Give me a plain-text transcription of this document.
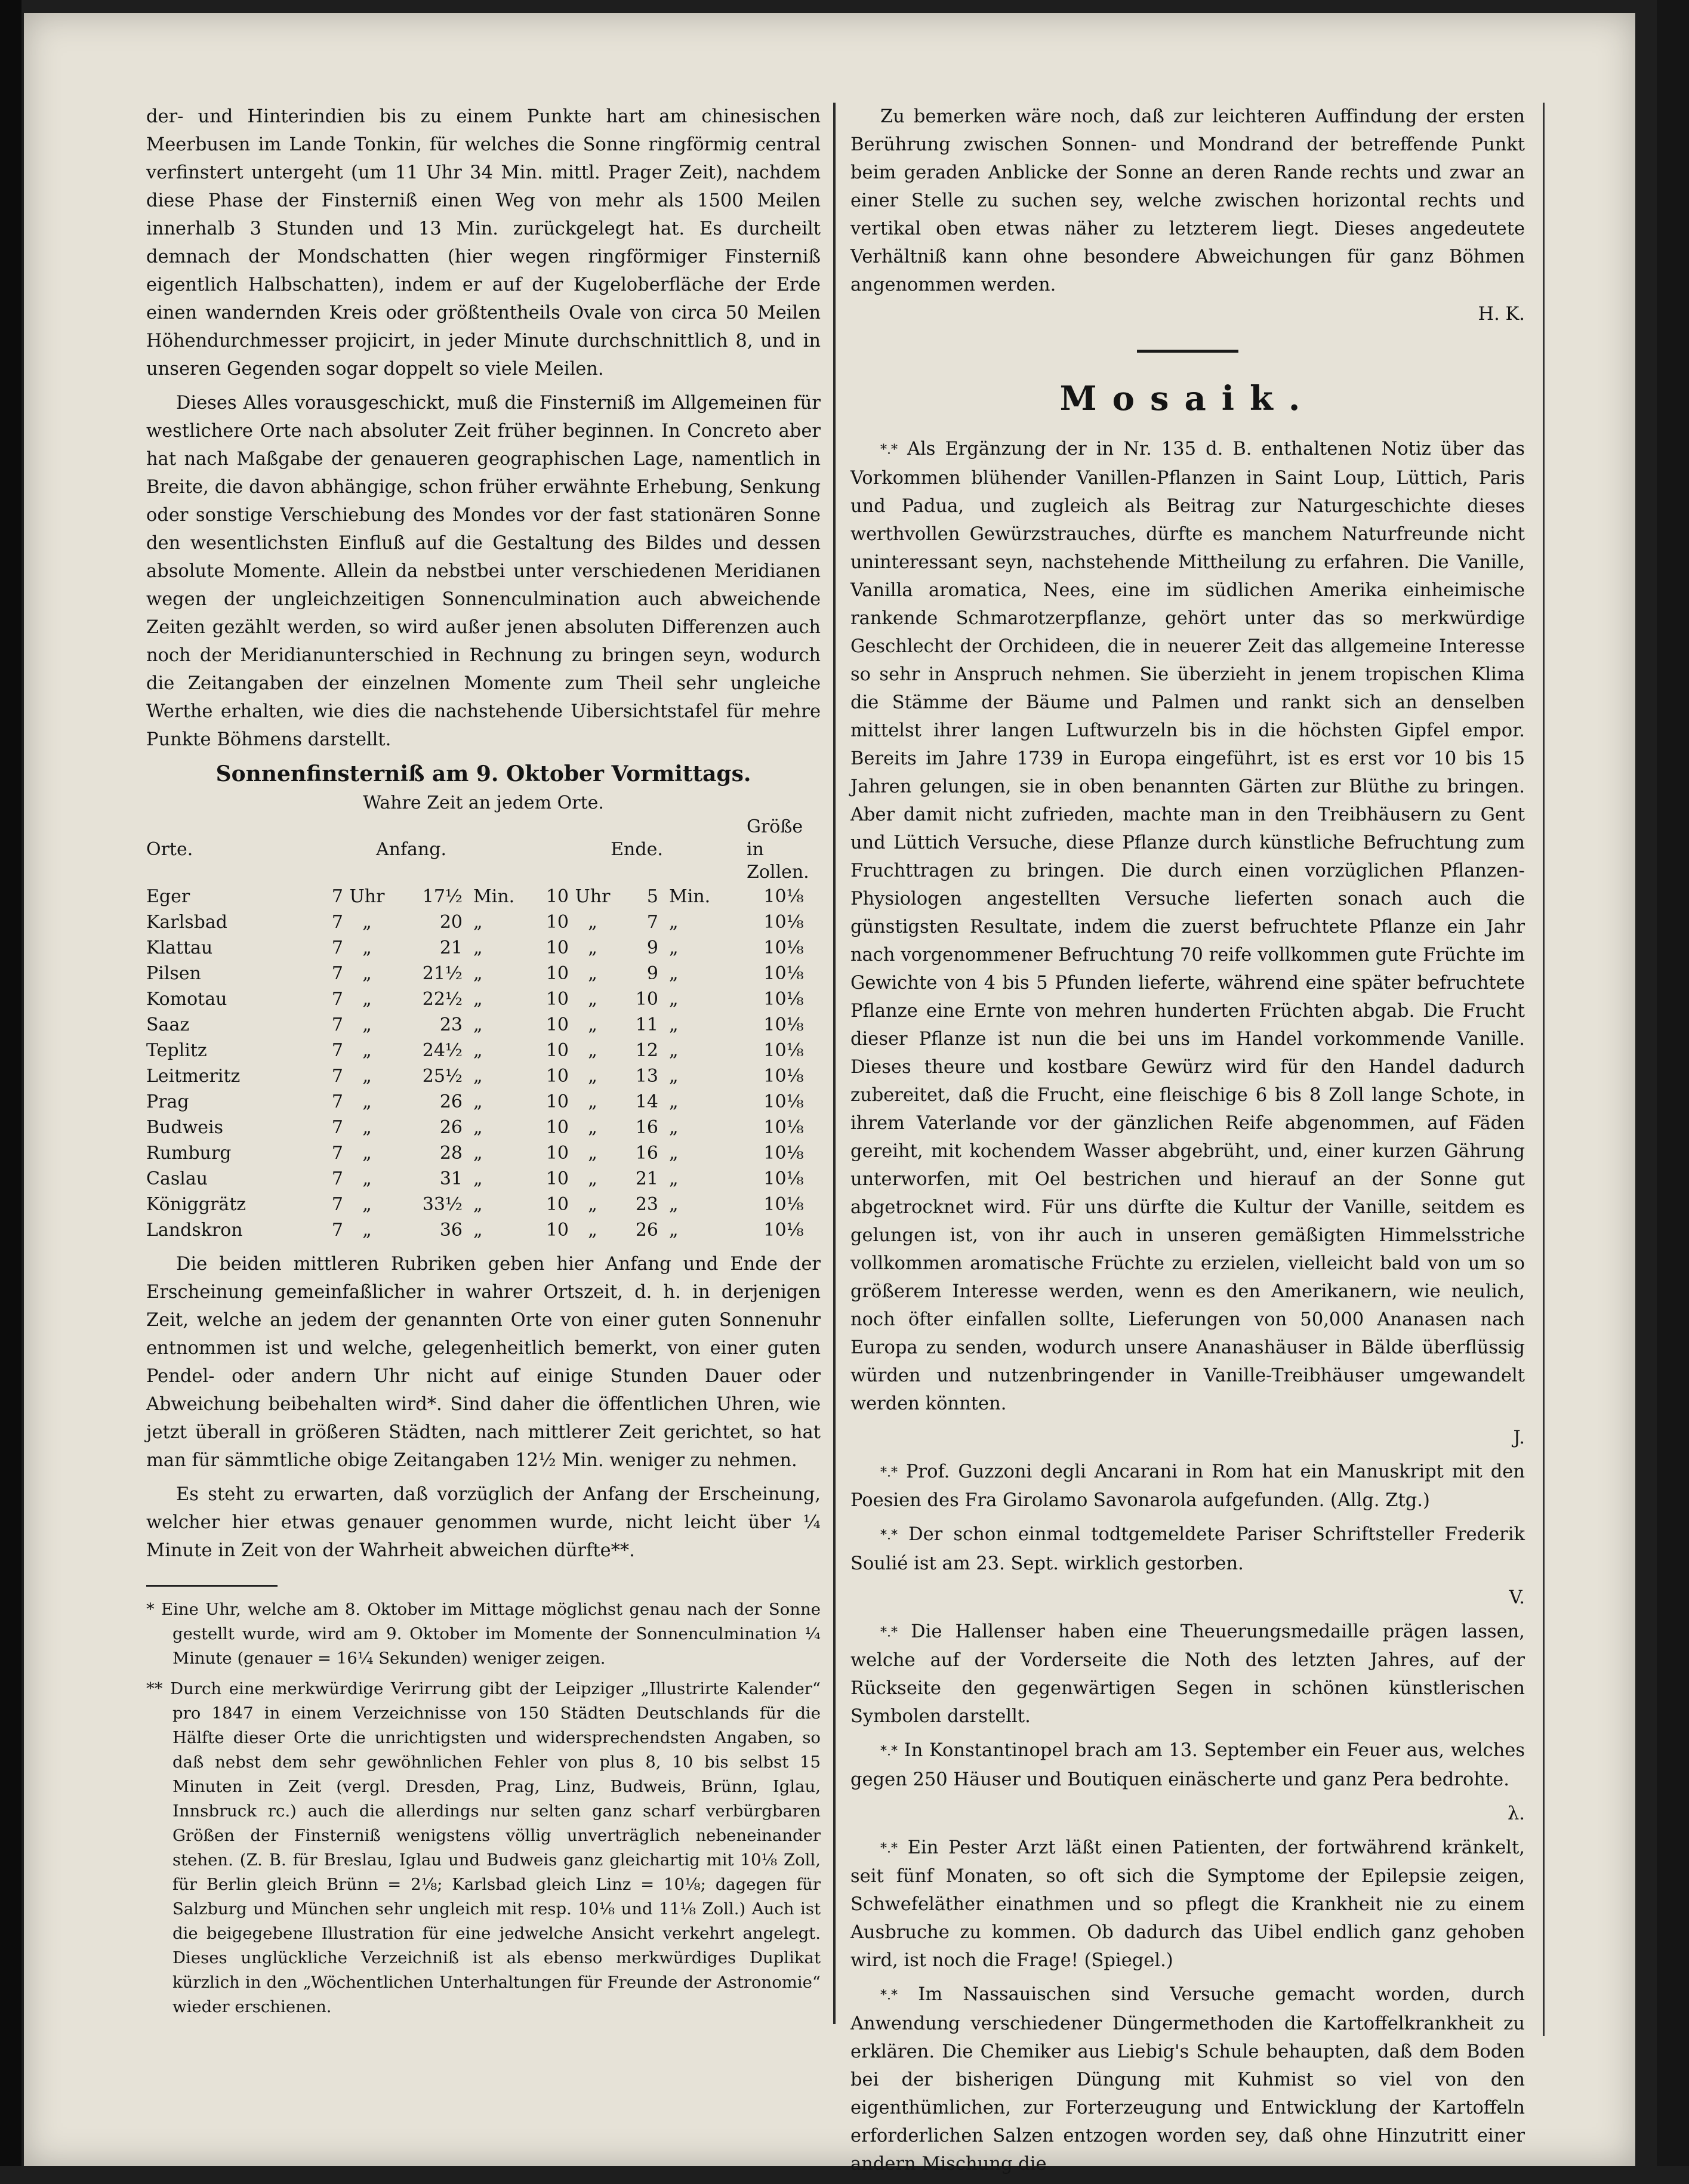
der- und Hinterindien bis zu einem Punkte hart am chinesischen Meerbusen im Lande Tonkin, für welches die Sonne ringförmig central verfinstert untergeht (um 11 Uhr 34 Min. mittl. Prager Zeit), nachdem diese Phase der Finsterniß einen Weg von mehr als 1500 Meilen innerhalb 3 Stunden und 13 Min. zurückgelegt hat. Es durcheilt demnach der Mondschatten (hier wegen ringförmiger Finsterniß eigentlich Halbschatten), indem er auf der Kugeloberfläche der Erde einen wandernden Kreis oder größtentheils Ovale von circa 50 Meilen Höhendurchmesser projicirt, in jeder Minute durchschnittlich 8, und in unseren Gegenden sogar doppelt so viele Meilen.

Dieses Alles vorausgeschickt, muß die Finsterniß im Allgemeinen für westlichere Orte nach absoluter Zeit früher beginnen. In Concreto aber hat nach Maßgabe der genaueren geographischen Lage, namentlich in Breite, die davon abhängige, schon früher erwähnte Erhebung, Senkung oder sonstige Verschiebung des Mondes vor der fast stationären Sonne den wesentlichsten Einfluß auf die Gestaltung des Bildes und dessen absolute Momente. Allein da nebstbei unter verschiedenen Meridianen wegen der ungleichzeitigen Sonnenculmination auch abweichende Zeiten gezählt werden, so wird außer jenen absoluten Differenzen auch noch der Meridianunterschied in Rechnung zu bringen seyn, wodurch die Zeitangaben der einzelnen Momente zum Theil sehr ungleiche Werthe erhalten, wie dies die nachstehende Uibersichtstafel für mehre Punkte Böhmens darstellt.

Sonnenfinsterniß am 9. Oktober Vormittags.
Wahre Zeit an jedem Orte.
Orte.	Anfang.				Ende.				Größe in Zollen.
Eger	7	Uhr	17½	Min.	10	Uhr	5	Min.	10⅛
Karlsbad	7	„	20	„	10	„	7	„	10⅛
Klattau	7	„	21	„	10	„	9	„	10⅛
Pilsen	7	„	21½	„	10	„	9	„	10⅛
Komotau	7	„	22½	„	10	„	10	„	10⅛
Saaz	7	„	23	„	10	„	11	„	10⅛
Teplitz	7	„	24½	„	10	„	12	„	10⅛
Leitmeritz	7	„	25½	„	10	„	13	„	10⅛
Prag	7	„	26	„	10	„	14	„	10⅛
Budweis	7	„	26	„	10	„	16	„	10⅛
Rumburg	7	„	28	„	10	„	16	„	10⅛
Caslau	7	„	31	„	10	„	21	„	10⅛
Königgrätz	7	„	33½	„	10	„	23	„	10⅛
Landskron	7	„	36	„	10	„	26	„	10⅛

Die beiden mittleren Rubriken geben hier Anfang und Ende der Erscheinung gemeinfaßlicher in wahrer Ortszeit, d. h. in derjenigen Zeit, welche an jedem der genannten Orte von einer guten Sonnenuhr entnommen ist und welche, gelegenheitlich bemerkt, von einer guten Pendel- oder andern Uhr nicht auf einige Stunden Dauer oder Abweichung beibehalten wird*. Sind daher die öffentlichen Uhren, wie jetzt überall in größeren Städten, nach mittlerer Zeit gerichtet, so hat man für sämmtliche obige Zeitangaben 12½ Min. weniger zu nehmen.

Es steht zu erwarten, daß vorzüglich der Anfang der Erscheinung, welcher hier etwas genauer genommen wurde, nicht leicht über ¼ Minute in Zeit von der Wahrheit abweichen dürfte**.

* Eine Uhr, welche am 8. Oktober im Mittage möglichst genau nach der Sonne gestellt wurde, wird am 9. Oktober im Momente der Sonnenculmination ¼ Minute (genauer = 16¼ Sekunden) weniger zeigen.

** Durch eine merkwürdige Verirrung gibt der Leipziger „Illustrirte Kalender“ pro 1847 in einem Verzeichnisse von 150 Städten Deutschlands für die Hälfte dieser Orte die unrichtigsten und widersprechendsten Angaben, so daß nebst dem sehr gewöhnlichen Fehler von plus 8, 10 bis selbst 15 Minuten in Zeit (vergl. Dresden, Prag, Linz, Budweis, Brünn, Iglau, Innsbruck rc.) auch die allerdings nur selten ganz scharf verbürgbaren Größen der Finsterniß wenigstens völlig unverträglich nebeneinander stehen. (Z. B. für Breslau, Iglau und Budweis ganz gleichartig mit 10⅛ Zoll, für Berlin gleich Brünn = 2⅛; Karlsbad gleich Linz = 10⅛; dagegen für Salzburg und München sehr ungleich mit resp. 10⅛ und 11⅛ Zoll.) Auch ist die beigegebene Illustration für eine jedwelche Ansicht verkehrt angelegt. Dieses unglückliche Verzeichniß ist als ebenso merkwürdiges Duplikat kürzlich in den „Wöchentlichen Unterhaltungen für Freunde der Astronomie“ wieder erschienen.

Zu bemerken wäre noch, daß zur leichteren Auffindung der ersten Berührung zwischen Sonnen- und Mondrand der betreffende Punkt beim geraden Anblicke der Sonne an deren Rande rechts und zwar an einer Stelle zu suchen sey, welche zwischen horizontal rechts und vertikal oben etwas näher zu letzterem liegt. Dieses angedeutete Verhältniß kann ohne besondere Abweichungen für ganz Böhmen angenommen werden.

H. K.

Mosaik.

*.* Als Ergänzung der in Nr. 135 d. B. enthaltenen Notiz über das Vorkommen blühender Vanillen-Pflanzen in Saint Loup, Lüttich, Paris und Padua, und zugleich als Beitrag zur Naturgeschichte dieses werthvollen Gewürzstrauches, dürfte es manchem Naturfreunde nicht uninteressant seyn, nachstehende Mittheilung zu erfahren. Die Vanille, Vanilla aromatica, Nees, eine im südlichen Amerika einheimische rankende Schmarotzerpflanze, gehört unter das so merkwürdige Geschlecht der Orchideen, die in neuerer Zeit das allgemeine Interesse so sehr in Anspruch nehmen. Sie überzieht in jenem tropischen Klima die Stämme der Bäume und Palmen und rankt sich an denselben mittelst ihrer langen Luftwurzeln bis in die höchsten Gipfel empor. Bereits im Jahre 1739 in Europa eingeführt, ist es erst vor 10 bis 15 Jahren gelungen, sie in oben benannten Gärten zur Blüthe zu bringen. Aber damit nicht zufrieden, machte man in den Treibhäusern zu Gent und Lüttich Versuche, diese Pflanze durch künstliche Befruchtung zum Fruchttragen zu bringen. Die durch einen vorzüglichen Pflanzen-Physiologen angestellten Versuche lieferten sonach auch die günstigsten Resultate, indem die zuerst befruchtete Pflanze ein Jahr nach vorgenommener Befruchtung 70 reife vollkommen gute Früchte im Gewichte von 4 bis 5 Pfunden lieferte, während eine später befruchtete Pflanze eine Ernte von mehren hunderten Früchten abgab. Die Frucht dieser Pflanze ist nun die bei uns im Handel vorkommende Vanille. Dieses theure und kostbare Gewürz wird für den Handel dadurch zubereitet, daß die Frucht, eine fleischige 6 bis 8 Zoll lange Schote, in ihrem Vaterlande vor der gänzlichen Reife abgenommen, auf Fäden gereiht, mit kochendem Wasser abgebrüht, und, einer kurzen Gährung unterworfen, mit Oel bestrichen und hierauf an der Sonne gut abgetrocknet wird. Für uns dürfte die Kultur der Vanille, seitdem es gelungen ist, von ihr auch in unseren gemäßigten Himmelsstriche vollkommen aromatische Früchte zu erzielen, vielleicht bald von um so größerem Interesse werden, wenn es den Amerikanern, wie neulich, noch öfter einfallen sollte, Lieferungen von 50,000 Ananasen nach Europa zu senden, wodurch unsere Ananashäuser in Bälde überflüssig würden und nutzenbringender in Vanille-Treibhäuser umgewandelt werden könnten.

J.

*.* Prof. Guzzoni degli Ancarani in Rom hat ein Manuskript mit den Poesien des Fra Girolamo Savonarola aufgefunden. (Allg. Ztg.)

*.* Der schon einmal todtgemeldete Pariser Schriftsteller Frederik Soulié ist am 23. Sept. wirklich gestorben.

V.

*.* Die Hallenser haben eine Theuerungsmedaille prägen lassen, welche auf der Vorderseite die Noth des letzten Jahres, auf der Rückseite den gegenwärtigen Segen in schönen künstlerischen Symbolen darstellt.

*.* In Konstantinopel brach am 13. September ein Feuer aus, welches gegen 250 Häuser und Boutiquen einäscherte und ganz Pera bedrohte.

λ.

*.* Ein Pester Arzt läßt einen Patienten, der fortwährend kränkelt, seit fünf Monaten, so oft sich die Symptome der Epilepsie zeigen, Schwefeläther einathmen und so pflegt die Krankheit nie zu einem Ausbruche zu kommen. Ob dadurch das Uibel endlich ganz gehoben wird, ist noch die Frage! (Spiegel.)

*.* Im Nassauischen sind Versuche gemacht worden, durch Anwendung verschiedener Düngermethoden die Kartoffelkrankheit zu erklären. Die Chemiker aus Liebig's Schule behaupten, daß dem Boden bei der bisherigen Düngung mit Kuhmist so viel von den eigenthümlichen, zur Forterzeugung und Entwicklung der Kartoffeln erforderlichen Salzen entzogen worden sey, daß ohne Hinzutritt einer andern Mischung die
